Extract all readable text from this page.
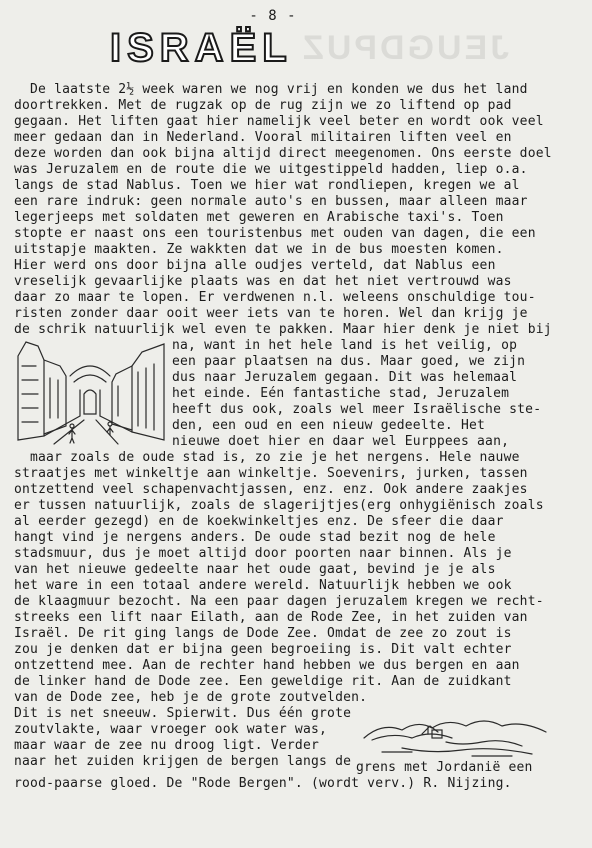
- 8 -
JEUGDPUZ
ISRAËL
De laatste 2½ week waren we nog vrij en konden we dus het land
doortrekken. Met de rugzak op de rug zijn we zo liftend op pad
gegaan. Het liften gaat hier namelijk veel beter en wordt ook veel
meer gedaan dan in Nederland. Vooral militairen liften veel en
deze worden dan ook bijna altijd direct meegenomen. Ons eerste doel
was Jeruzalem en de route die we uitgestippeld hadden, liep o.a.
langs de stad Nablus. Toen we hier wat rondliepen, kregen we al
een rare indruk: geen normale auto's en bussen, maar alleen maar
legerjeeps met soldaten met geweren en Arabische taxi's. Toen
stopte er naast ons een touristenbus met ouden van dagen, die een
uitstapje maakten. Ze wakkten dat we in de bus moesten komen.
Hier werd ons door bijna alle oudjes verteld, dat Nablus een
vreselijk gevaarlijke plaats was en dat het niet vertrouwd was
daar zo maar te lopen. Er verdwenen n.l. weleens onschuldige tou-
risten zonder daar ooit weer iets van te horen. Wel dan krijg je
de schrik natuurlijk wel even te pakken. Maar hier denk je niet bij
na, want in het hele land is het veilig, op
een paar plaatsen na dus. Maar goed, we zijn
dus naar Jeruzalem gegaan. Dit was helemaal
het einde. Eén fantastiche stad, Jeruzalem
heeft dus ook, zoals wel meer Israëlische ste-
den, een oud en een nieuw gedeelte. Het
nieuwe doet hier en daar wel Eurppees aan,
maar zoals de oude stad is, zo zie je het nergens. Hele nauwe
straatjes met winkeltje aan winkeltje. Soevenirs, jurken, tassen
ontzettend veel schapenvachtjassen, enz. enz. Ook andere zaakjes
er tussen natuurlijk, zoals de slagerijtjes(erg onhygiënisch zoals
al eerder gezegd) en de koekwinkeltjes enz. De sfeer die daar
hangt vind je nergens anders. De oude stad bezit nog de hele
stadsmuur, dus je moet altijd door poorten naar binnen. Als je
van het nieuwe gedeelte naar het oude gaat, bevind je je als
het ware in een totaal andere wereld. Natuurlijk hebben we ook
de klaagmuur bezocht. Na een paar dagen jeruzalem kregen we recht-
streeks een lift naar Eilath, aan de Rode Zee, in het zuiden van
Israël. De rit ging langs de Dode Zee. Omdat de zee zo zout is
zou je denken dat er bijna geen begroeiing is. Dit valt echter
ontzettend mee. Aan de rechter hand hebben we dus bergen en aan
de linker hand de Dode zee. Een geweldige rit. Aan de zuidkant
van de Dode zee, heb je de grote zoutvelden.
Dit is net sneeuw. Spierwit. Dus één grote
zoutvlakte, waar vroeger ook water was,
maar waar de zee nu droog ligt. Verder
naar het zuiden krijgen de bergen langs de grens met Jordanië een
rood-paarse gloed. De "Rode Bergen". (wordt verv.) R. Nijzing.
